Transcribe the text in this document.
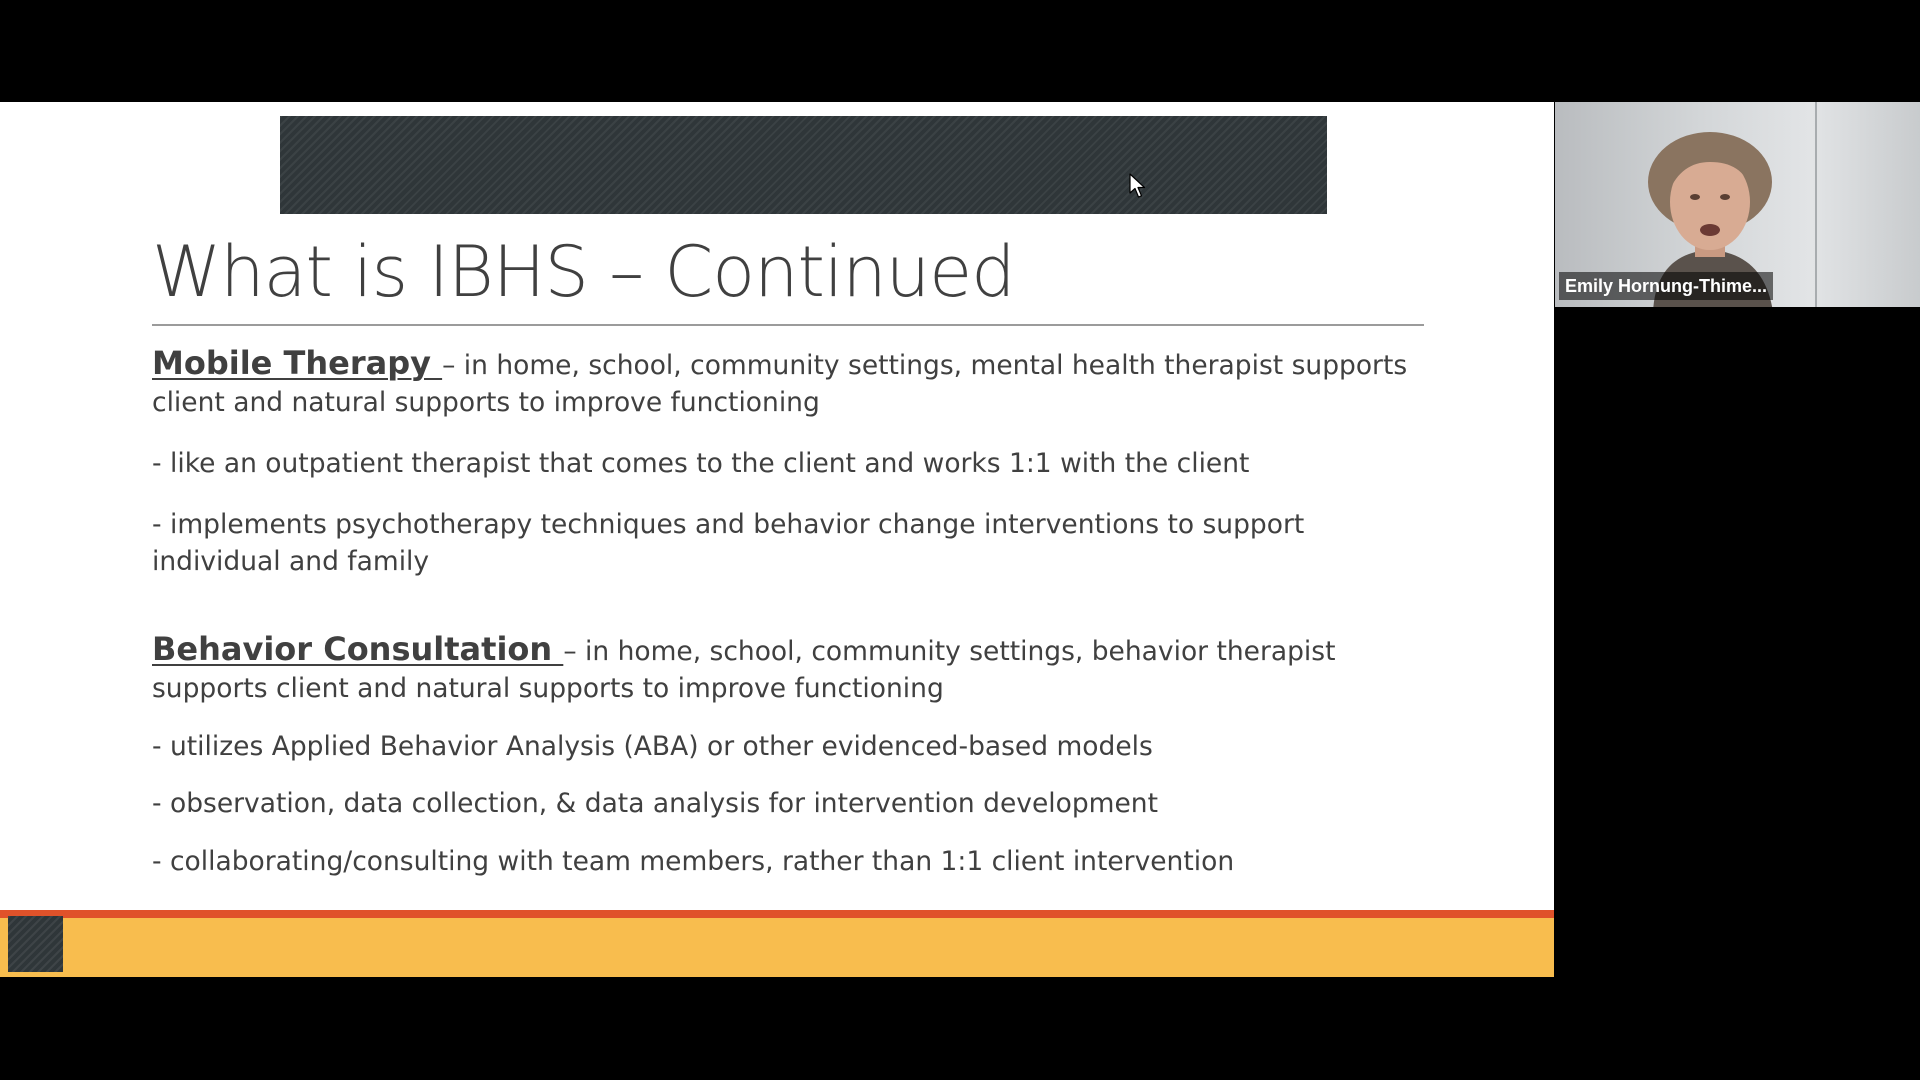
What is IBHS – Continued
Mobile Therapy – in home, school, community settings, mental health therapist supports client and natural supports to improve functioning
- like an outpatient therapist that comes to the client and works 1:1 with the client
- implements psychotherapy techniques and behavior change interventions to support individual and family
Behavior Consultation – in home, school, community settings, behavior therapist supports client and natural supports to improve functioning
- utilizes Applied Behavior Analysis (ABA) or other evidenced-based models
- observation, data collection, & data analysis for intervention development
- collaborating/consulting with team members, rather than 1:1 client intervention
Emily Hornung-Thime...
